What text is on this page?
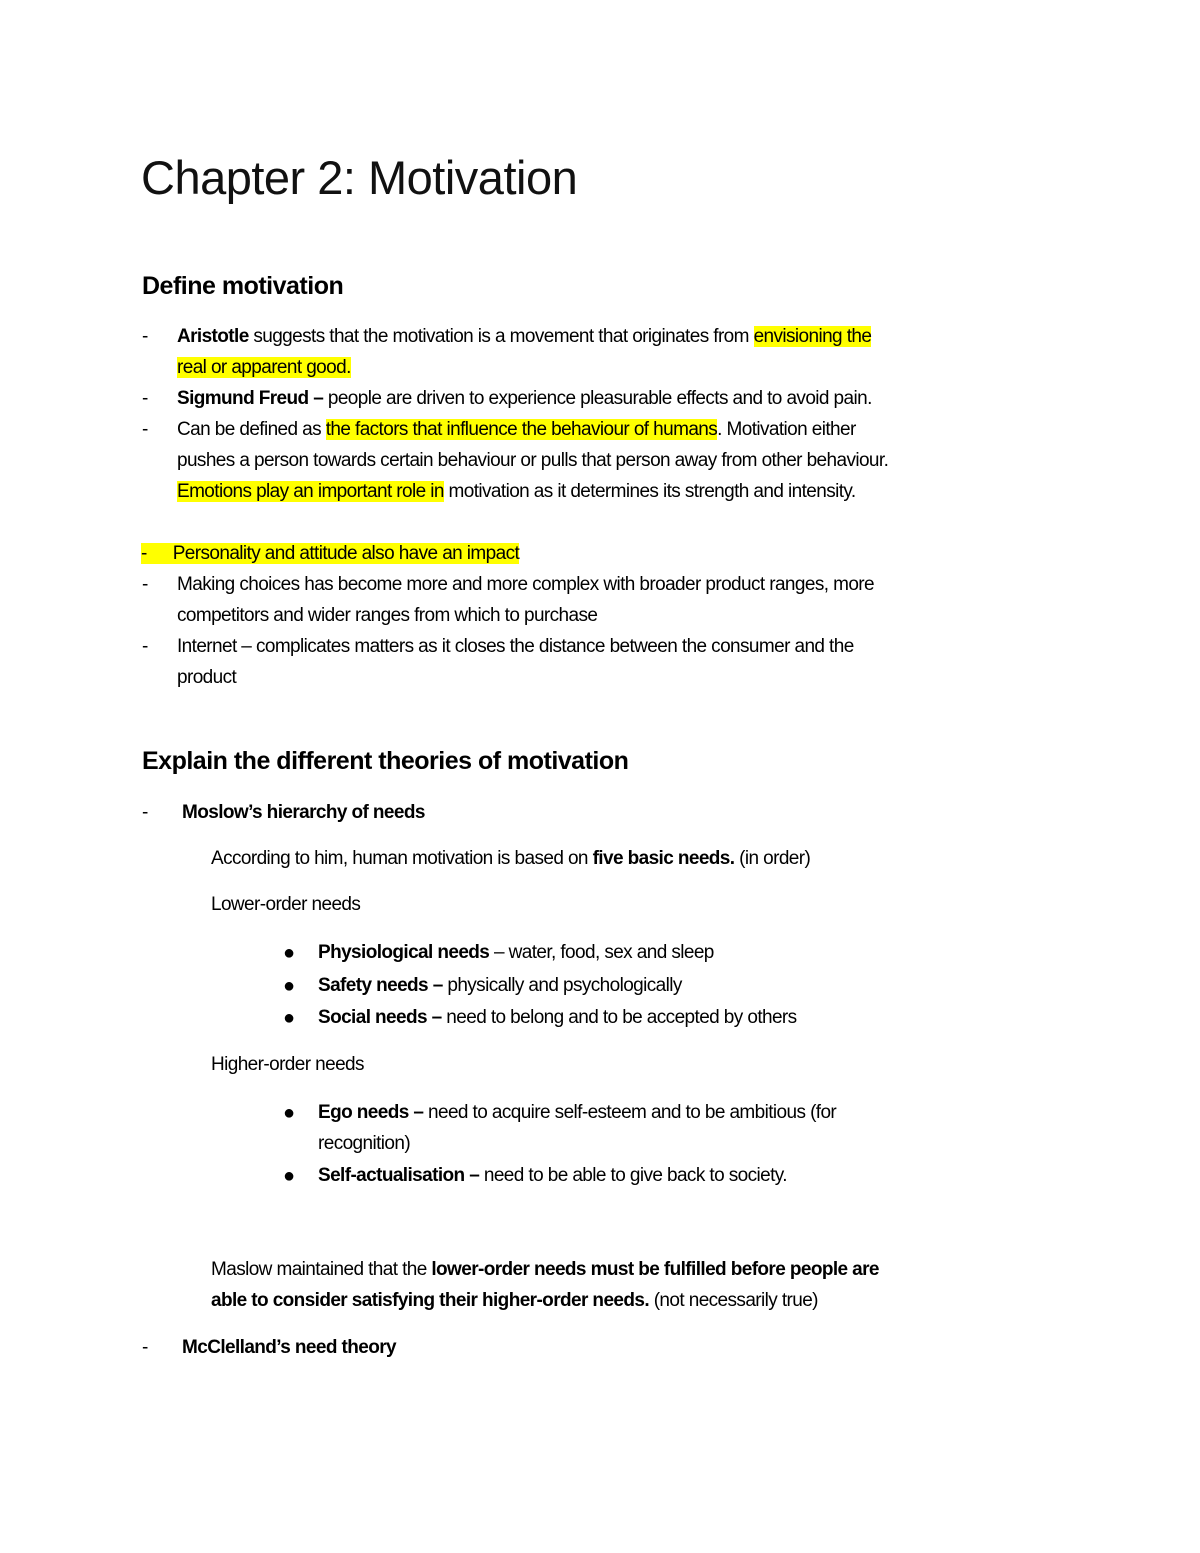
Chapter 2: Motivation
Define motivation
- Aristotle suggests that the motivation is a movement that originates from envisioning the
real or apparent good.
- Sigmund Freud – people are driven to experience pleasurable effects and to avoid pain.
- Can be defined as the factors that influence the behaviour of humans. Motivation either
pushes a person towards certain behaviour or pulls that person away from other behaviour.
Emotions play an important role in motivation as it determines its strength and intensity.
- Personality and attitude also have an impact
- Making choices has become more and more complex with broader product ranges, more
competitors and wider ranges from which to purchase
- Internet – complicates matters as it closes the distance between the consumer and the
product
Explain the different theories of motivation
- Moslow’s hierarchy of needs
According to him, human motivation is based on five basic needs. (in order)
Lower-order needs
● Physiological needs – water, food, sex and sleep
● Safety needs – physically and psychologically
● Social needs – need to belong and to be accepted by others
Higher-order needs
● Ego needs – need to acquire self-esteem and to be ambitious (for
recognition)
● Self-actualisation – need to be able to give back to society.
Maslow maintained that the lower-order needs must be fulfilled before people are
able to consider satisfying their higher-order needs. (not necessarily true)
- McClelland’s need theory
